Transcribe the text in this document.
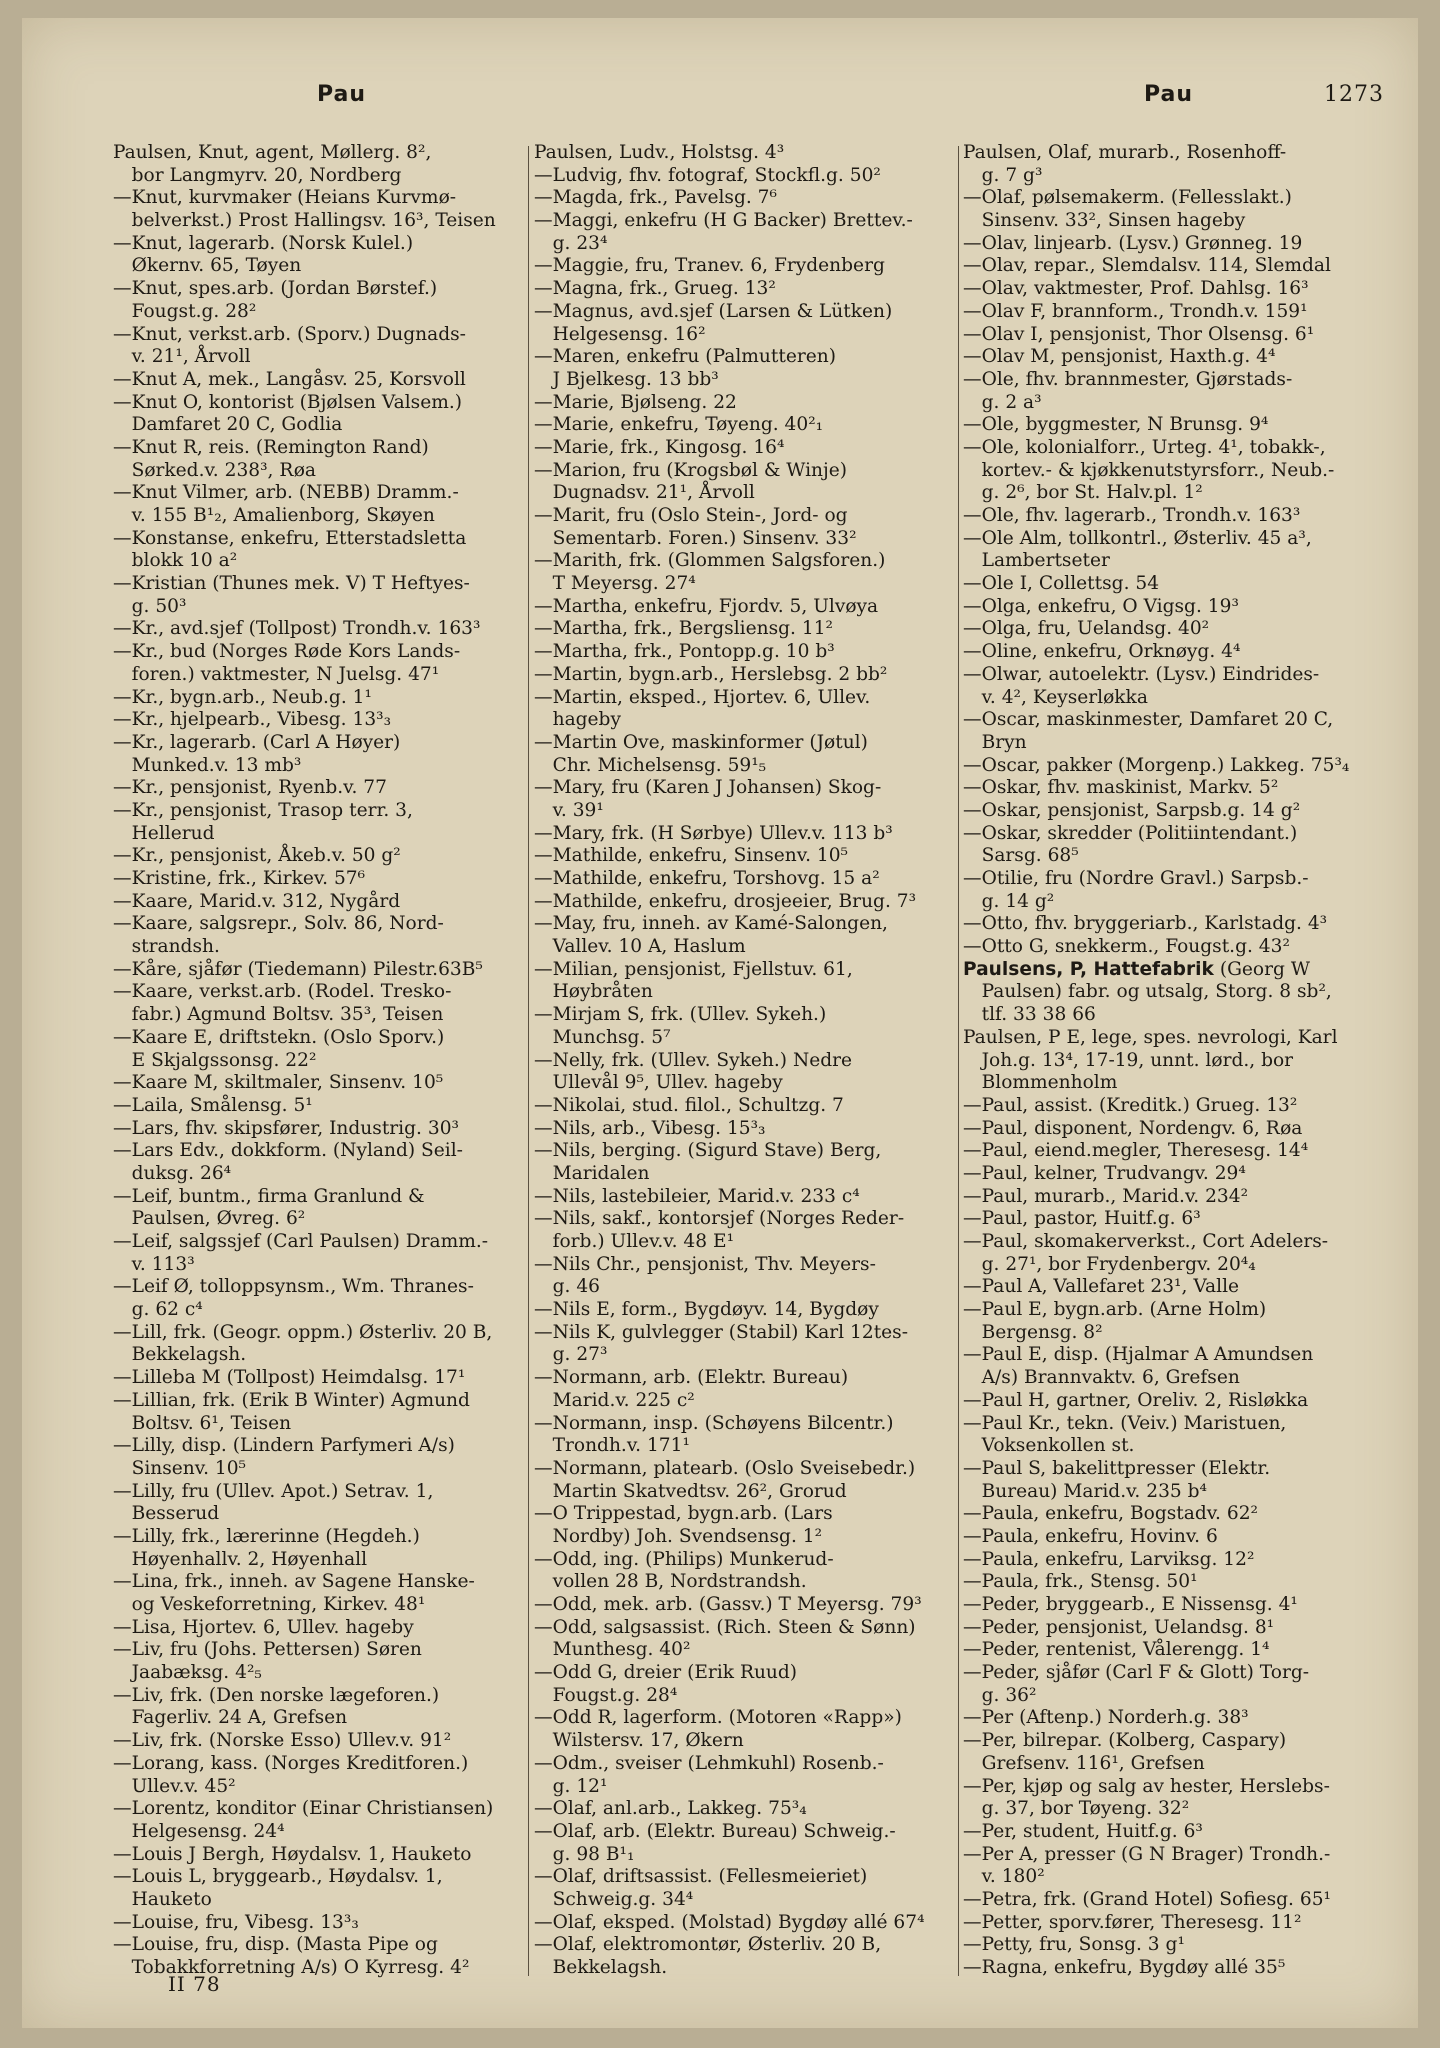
Pau	Pau	1273
Paulsen, Knut, agent, Møllerg. 8²,
 bor Langmyrv. 20, Nordberg
—Knut, kurvmaker (Heians Kurvmø-
 belverkst.) Prost Hallingsv. 16³, Teisen
—Knut, lagerarb. (Norsk Kulel.)
 Økernv. 65, Tøyen
—Knut, spes.arb. (Jordan Børstef.)
 Fougst.g. 28²
—Knut, verkst.arb. (Sporv.) Dugnads-
 v. 21¹, Årvoll
—Knut A, mek., Langåsv. 25, Korsvoll
—Knut O, kontorist (Bjølsen Valsem.)
 Damfaret 20 C, Godlia
—Knut R, reis. (Remington Rand)
 Sørked.v. 238³, Røa
—Knut Vilmer, arb. (NEBB) Dramm.-
 v. 155 B¹₂, Amalienborg, Skøyen
—Konstanse, enkefru, Etterstadsletta
 blokk 10 a²
—Kristian (Thunes mek. V) T Heftyes-
 g. 50³
—Kr., avd.sjef (Tollpost) Trondh.v. 163³
—Kr., bud (Norges Røde Kors Lands-
 foren.) vaktmester, N Juelsg. 47¹
—Kr., bygn.arb., Neub.g. 1¹
—Kr., hjelpearb., Vibesg. 13³₃
—Kr., lagerarb. (Carl A Høyer)
 Munked.v. 13 mb³
—Kr., pensjonist, Ryenb.v. 77
—Kr., pensjonist, Trasop terr. 3,
 Hellerud
—Kr., pensjonist, Åkeb.v. 50 g²
—Kristine, frk., Kirkev. 57⁶
—Kaare, Marid.v. 312, Nygård
—Kaare, salgsrepr., Solv. 86, Nord-
 strandsh.
—Kåre, sjåfør (Tiedemann) Pilestr.63B⁵
—Kaare, verkst.arb. (Rodel. Tresko-
 fabr.) Agmund Boltsv. 35³, Teisen
—Kaare E, driftstekn. (Oslo Sporv.)
 E Skjalgssonsg. 22²
—Kaare M, skiltmaler, Sinsenv. 10⁵
—Laila, Smålensg. 5¹
—Lars, fhv. skipsfører, Industrig. 30³
—Lars Edv., dokkform. (Nyland) Seil-
 duksg. 26⁴
—Leif, buntm., firma Granlund &
 Paulsen, Øvreg. 6²
—Leif, salgssjef (Carl Paulsen) Dramm.-
 v. 113³
—Leif Ø, tolloppsynsm., Wm. Thranes-
 g. 62 c⁴
—Lill, frk. (Geogr. oppm.) Østerliv. 20 B,
 Bekkelagsh.
—Lilleba M (Tollpost) Heimdalsg. 17¹
—Lillian, frk. (Erik B Winter) Agmund
 Boltsv. 6¹, Teisen
—Lilly, disp. (Lindern Parfymeri A/s)
 Sinsenv. 10⁵
—Lilly, fru (Ullev. Apot.) Setrav. 1,
 Besserud
—Lilly, frk., lærerinne (Hegdeh.)
 Høyenhallv. 2, Høyenhall
—Lina, frk., inneh. av Sagene Hanske-
 og Veskeforretning, Kirkev. 48¹
—Lisa, Hjortev. 6, Ullev. hageby
—Liv, fru (Johs. Pettersen) Søren
 Jaabæksg. 4²₅
—Liv, frk. (Den norske lægeforen.)
 Fagerliv. 24 A, Grefsen
—Liv, frk. (Norske Esso) Ullev.v. 91²
—Lorang, kass. (Norges Kreditforen.)
 Ullev.v. 45²
—Lorentz, konditor (Einar Christiansen)
 Helgesensg. 24⁴
—Louis J Bergh, Høydalsv. 1, Hauketo
—Louis L, bryggearb., Høydalsv. 1,
 Hauketo
—Louise, fru, Vibesg. 13³₃
—Louise, fru, disp. (Masta Pipe og
 Tobakkforretning A/s) O Kyrresg. 4²
Paulsen, Ludv., Holstsg. 4³
—Ludvig, fhv. fotograf, Stockfl.g. 50²
—Magda, frk., Pavelsg. 7⁶
—Maggi, enkefru (H G Backer) Brettev.-
 g. 23⁴
—Maggie, fru, Tranev. 6, Frydenberg
—Magna, frk., Grueg. 13²
—Magnus, avd.sjef (Larsen & Lütken)
 Helgesensg. 16²
—Maren, enkefru (Palmutteren)
 J Bjelkesg. 13 bb³
—Marie, Bjølseng. 22
—Marie, enkefru, Tøyeng. 40²₁
—Marie, frk., Kingosg. 16⁴
—Marion, fru (Krogsbøl & Winje)
 Dugnadsv. 21¹, Årvoll
—Marit, fru (Oslo Stein-, Jord- og
 Sementarb. Foren.) Sinsenv. 33²
—Marith, frk. (Glommen Salgsforen.)
 T Meyersg. 27⁴
—Martha, enkefru, Fjordv. 5, Ulvøya
—Martha, frk., Bergsliensg. 11²
—Martha, frk., Pontopp.g. 10 b³
—Martin, bygn.arb., Herslebsg. 2 bb²
—Martin, eksped., Hjortev. 6, Ullev.
 hageby
—Martin Ove, maskinformer (Jøtul)
 Chr. Michelsensg. 59¹₅
—Mary, fru (Karen J Johansen) Skog-
 v. 39¹
—Mary, frk. (H Sørbye) Ullev.v. 113 b³
—Mathilde, enkefru, Sinsenv. 10⁵
—Mathilde, enkefru, Torshovg. 15 a²
—Mathilde, enkefru, drosjeeier, Brug. 7³
—May, fru, inneh. av Kamé-Salongen,
 Vallev. 10 A, Haslum
—Milian, pensjonist, Fjellstuv. 61,
 Høybråten
—Mirjam S, frk. (Ullev. Sykeh.)
 Munchsg. 5⁷
—Nelly, frk. (Ullev. Sykeh.) Nedre
 Ullevål 9⁵, Ullev. hageby
—Nikolai, stud. filol., Schultzg. 7
—Nils, arb., Vibesg. 15³₃
—Nils, berging. (Sigurd Stave) Berg,
 Maridalen
—Nils, lastebileier, Marid.v. 233 c⁴
—Nils, sakf., kontorsjef (Norges Reder-
 forb.) Ullev.v. 48 E¹
—Nils Chr., pensjonist, Thv. Meyers-
 g. 46
—Nils E, form., Bygdøyv. 14, Bygdøy
—Nils K, gulvlegger (Stabil) Karl 12tes-
 g. 27³
—Normann, arb. (Elektr. Bureau)
 Marid.v. 225 c²
—Normann, insp. (Schøyens Bilcentr.)
 Trondh.v. 171¹
—Normann, platearb. (Oslo Sveisebedr.)
 Martin Skatvedtsv. 26², Grorud
—O Trippestad, bygn.arb. (Lars
 Nordby) Joh. Svendsensg. 1²
—Odd, ing. (Philips) Munkerud-
 vollen 28 B, Nordstrandsh.
—Odd, mek. arb. (Gassv.) T Meyersg. 79³
—Odd, salgsassist. (Rich. Steen & Sønn)
 Munthesg. 40²
—Odd G, dreier (Erik Ruud)
 Fougst.g. 28⁴
—Odd R, lagerform. (Motoren «Rapp»)
 Wilstersv. 17, Økern
—Odm., sveiser (Lehmkuhl) Rosenb.-
 g. 12¹
—Olaf, anl.arb., Lakkeg. 75³₄
—Olaf, arb. (Elektr. Bureau) Schweig.-
 g. 98 B¹₁
—Olaf, driftsassist. (Fellesmeieriet)
 Schweig.g. 34⁴
—Olaf, eksped. (Molstad) Bygdøy allé 67⁴
—Olaf, elektromontør, Østerliv. 20 B,
 Bekkelagsh.
Paulsen, Olaf, murarb., Rosenhoff-
 g. 7 g³
—Olaf, pølsemakerm. (Fellesslakt.)
 Sinsenv. 33², Sinsen hageby
—Olav, linjearb. (Lysv.) Grønneg. 19
—Olav, repar., Slemdalsv. 114, Slemdal
—Olav, vaktmester, Prof. Dahlsg. 16³
—Olav F, brannform., Trondh.v. 159¹
—Olav I, pensjonist, Thor Olsensg. 6¹
—Olav M, pensjonist, Haxth.g. 4⁴
—Ole, fhv. brannmester, Gjørstads-
 g. 2 a³
—Ole, byggmester, N Brunsg. 9⁴
—Ole, kolonialforr., Urteg. 4¹, tobakk-,
 kortev.- & kjøkkenutstyrsforr., Neub.-
 g. 2⁶, bor St. Halv.pl. 1²
—Ole, fhv. lagerarb., Trondh.v. 163³
—Ole Alm, tollkontrl., Østerliv. 45 a³,
 Lambertseter
—Ole I, Collettsg. 54
—Olga, enkefru, O Vigsg. 19³
—Olga, fru, Uelandsg. 40²
—Oline, enkefru, Orknøyg. 4⁴
—Olwar, autoelektr. (Lysv.) Eindrides-
 v. 4², Keyserløkka
—Oscar, maskinmester, Damfaret 20 C,
 Bryn
—Oscar, pakker (Morgenp.) Lakkeg. 75³₄
—Oskar, fhv. maskinist, Markv. 5²
—Oskar, pensjonist, Sarpsb.g. 14 g²
—Oskar, skredder (Politiintendant.)
 Sarsg. 68⁵
—Otilie, fru (Nordre Gravl.) Sarpsb.-
 g. 14 g²
—Otto, fhv. bryggeriarb., Karlstadg. 4³
—Otto G, snekkerm., Fougst.g. 43²
Paulsens, P, Hattefabrik (Georg W
 Paulsen) fabr. og utsalg, Storg. 8 sb²,
 tlf. 33 38 66
Paulsen, P E, lege, spes. nevrologi, Karl
 Joh.g. 13⁴, 17-19, unnt. lørd., bor
 Blommenholm
—Paul, assist. (Kreditk.) Grueg. 13²
—Paul, disponent, Nordengv. 6, Røa
—Paul, eiend.megler, Theresesg. 14⁴
—Paul, kelner, Trudvangv. 29⁴
—Paul, murarb., Marid.v. 234²
—Paul, pastor, Huitf.g. 6³
—Paul, skomakerverkst., Cort Adelers-
 g. 27¹, bor Frydenbergv. 20⁴₄
—Paul A, Vallefaret 23¹, Valle
—Paul E, bygn.arb. (Arne Holm)
 Bergensg. 8²
—Paul E, disp. (Hjalmar A Amundsen
 A/s) Brannvaktv. 6, Grefsen
—Paul H, gartner, Oreliv. 2, Risløkka
—Paul Kr., tekn. (Veiv.) Maristuen,
 Voksenkollen st.
—Paul S, bakelittpresser (Elektr.
 Bureau) Marid.v. 235 b⁴
—Paula, enkefru, Bogstadv. 62²
—Paula, enkefru, Hovinv. 6
—Paula, enkefru, Larviksg. 12²
—Paula, frk., Stensg. 50¹
—Peder, bryggearb., E Nissensg. 4¹
—Peder, pensjonist, Uelandsg. 8¹
—Peder, rentenist, Vålerengg. 1⁴
—Peder, sjåfør (Carl F & Glott) Torg-
 g. 36²
—Per (Aftenp.) Norderh.g. 38³
—Per, bilrepar. (Kolberg, Caspary)
 Grefsenv. 116¹, Grefsen
—Per, kjøp og salg av hester, Herslebs-
 g. 37, bor Tøyeng. 32²
—Per, student, Huitf.g. 6³
—Per A, presser (G N Brager) Trondh.-
 v. 180²
—Petra, frk. (Grand Hotel) Sofiesg. 65¹
—Petter, sporv.fører, Theresesg. 11²
—Petty, fru, Sonsg. 3 g¹
—Ragna, enkefru, Bygdøy allé 35⁵
II 78
